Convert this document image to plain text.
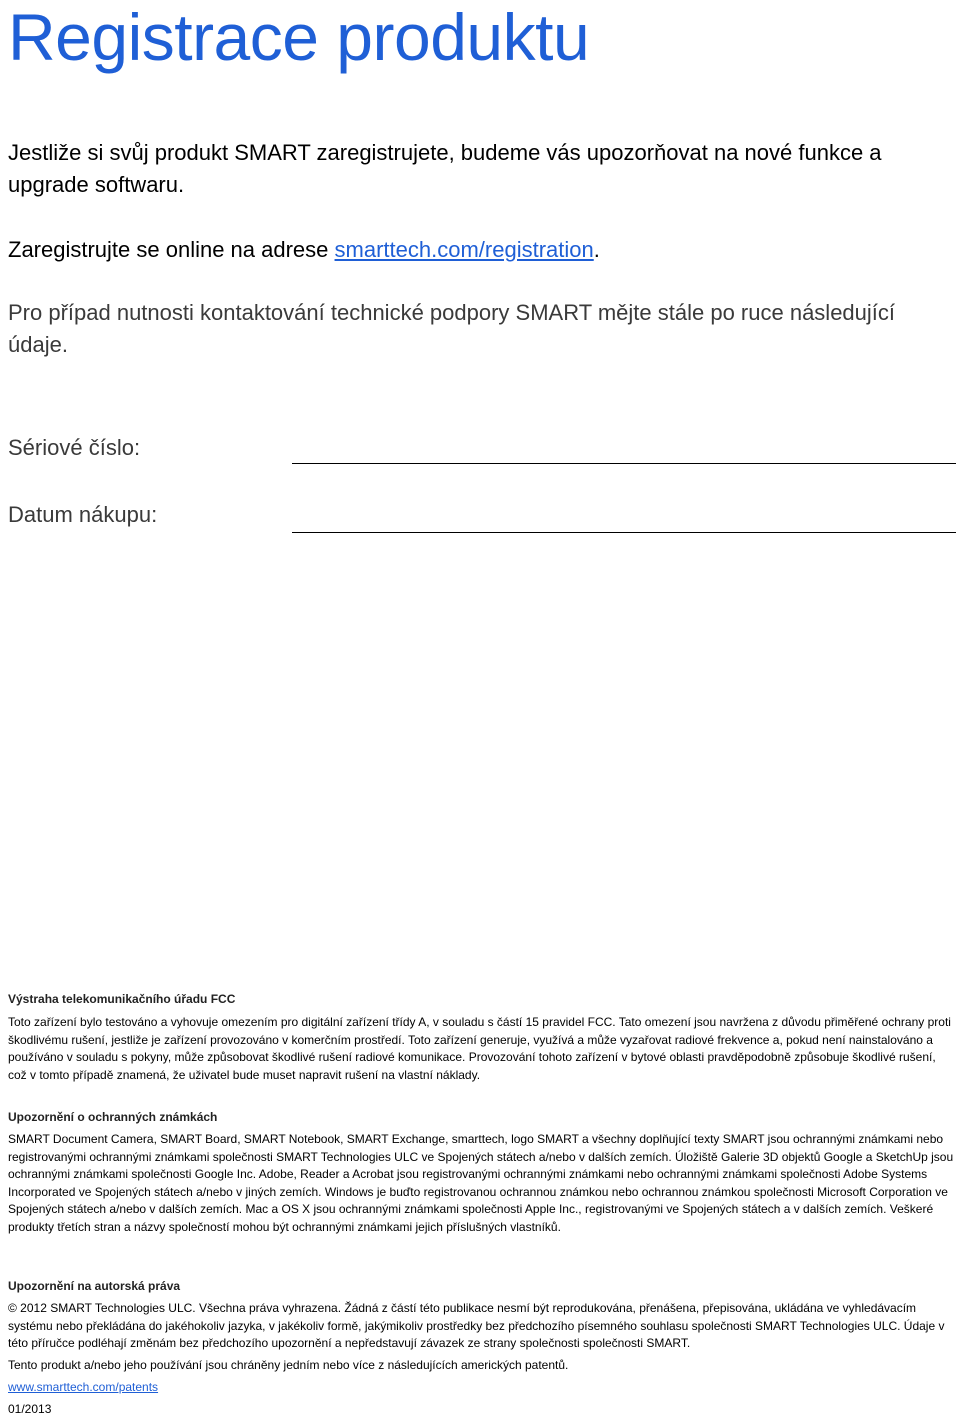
Registrace produktu

Jestliže si svůj produkt SMART zaregistrujete, budeme vás upozorňovat na nové funkce a upgrade softwaru.

Zaregistrujte se online na adrese smarttech.com/registration.

Pro případ nutnosti kontaktování technické podpory SMART mějte stále po ruce následující údaje.

Sériové číslo:
Datum nákupu:

Výstraha telekomunikačního úřadu FCC

Toto zařízení bylo testováno a vyhovuje omezením pro digitální zařízení třídy A, v souladu s částí 15 pravidel FCC. Tato omezení jsou navržena z důvodu přiměřené ochrany proti škodlivému rušení, jestliže je zařízení provozováno v komerčním prostředí. Toto zařízení generuje, využívá a může vyzařovat radiové frekvence a, pokud není nainstalováno a používáno v souladu s pokyny, může způsobovat škodlivé rušení radiové komunikace. Provozování tohoto zařízení v bytové oblasti pravděpodobně způsobuje škodlivé rušení, což v tomto případě znamená, že uživatel bude muset napravit rušení na vlastní náklady.

Upozornění o ochranných známkách

SMART Document Camera, SMART Board, SMART Notebook, SMART Exchange, smarttech, logo SMART a všechny doplňující texty SMART jsou ochrannými známkami nebo registrovanými ochrannými známkami společnosti SMART Technologies ULC ve Spojených státech a/nebo v dalších zemích. Úložiště Galerie 3D objektů Google a SketchUp jsou ochrannými známkami společnosti Google Inc. Adobe, Reader a Acrobat jsou registrovanými ochrannými známkami nebo ochrannými známkami společnosti Adobe Systems Incorporated ve Spojených státech a/nebo v jiných zemích. Windows je buďto registrovanou ochrannou známkou nebo ochrannou známkou společnosti Microsoft Corporation ve Spojených státech a/nebo v dalších zemích. Mac a OS X jsou ochrannými známkami společnosti Apple Inc., registrovanými ve Spojených státech a v dalších zemích. Veškeré produkty třetích stran a názvy společností mohou být ochrannými známkami jejich příslušných vlastníků.

Upozornění na autorská práva

© 2012 SMART Technologies ULC. Všechna práva vyhrazena. Žádná z částí této publikace nesmí být reprodukována, přenášena, přepisována, ukládána ve vyhledávacím systému nebo překládána do jakéhokoliv jazyka, v jakékoliv formě, jakýmikoliv prostředky bez předchozího písemného souhlasu společnosti SMART Technologies ULC. Údaje v této příručce podléhají změnám bez předchozího upozornění a nepředstavují závazek ze strany společnosti společnosti SMART.

Tento produkt a/nebo jeho používání jsou chráněny jedním nebo více z následujících amerických patentů.

www.smarttech.com/patents

01/2013
